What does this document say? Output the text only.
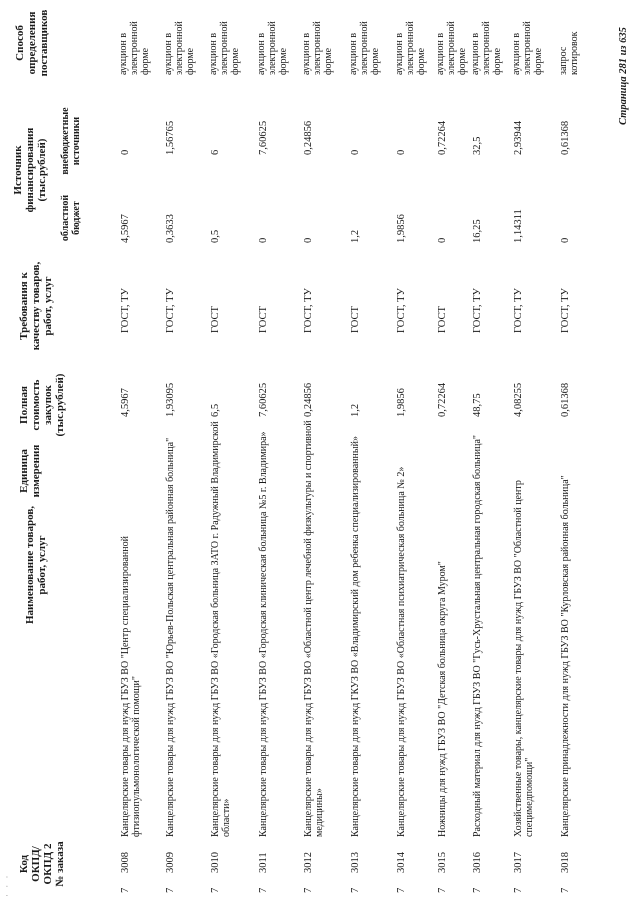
Код ОКПД/ ОКПД 2 № заказа
Наименование товаров, работ, услуг
Единица измерения
Полная стоимость закупок (тыс.рублей)
Требования к качеству товаров, работ, услуг
Источник финансирования (тыс.рублей)
областной бюджет
внебюджетные источники
Способ определения поставщиков
7
3008
Канцелярские товары для нужд ГБУЗ ВО "Центр специализированной фтизиопульмонологической помощи"
4,5967
ГОСТ, ТУ
4,5967
0
аукцион в электронной форме
7
3009
Канцелярские товары для нужд ГБУЗ ВО "Юрьев-Польская центральная районная больница"
1,93095
ГОСТ, ТУ
0,3633
1,56765
аукцион в электронной форме
7
3010
Канцелярские товары для нужд ГБУЗ ВО «Городская больница ЗАТО г. Радужный Владимирской области»
6,5
ГОСТ
0,5
6
аукцион в электронной форме
7
3011
Канцелярские товары для нужд ГБУЗ ВО «Городская клиническая больница №5 г. Владимира»
7,60625
ГОСТ
0
7,60625
аукцион в электронной форме
7
3012
Канцелярские товары для нужд ГБУЗ ВО «Областной центр лечебной физкультуры и спортивной медицины»
0,24856
ГОСТ, ТУ
0
0,24856
аукцион в электронной форме
7
3013
Канцелярские товары для нужд ГКУЗ ВО «Владимирский дом ребенка специализированный»
1,2
ГОСТ
1,2
0
аукцион в электронной форме
7
3014
Канцелярские товары для нужд ГБУЗ ВО «Областная психиатрическая больница № 2»
1,9856
ГОСТ, ТУ
1,9856
0
аукцион в электронной форме
7
3015
Ножницы для нужд ГБУЗ ВО "Детская больница округа Муром"
0,72264
ГОСТ
0
0,72264
аукцион в электронной форме
7
3016
Расходный материал для нужд ГБУЗ ВО "Гусь-Хрустальная центральная городская больница"
48,75
ГОСТ, ТУ
16,25
32,5
аукцион в электронной форме
7
3017
Хозяйственные товары, канцелярские товары для нужд ГБУЗ ВО "Областной центр специмедпомощи"
4,08255
ГОСТ, ТУ
1,14311
2,93944
аукцион в электронной форме
7
3018
Канцелярские принадлежности для нужд ГБУЗ ВО "Курловская районная больница"
0,61368
ГОСТ, ТУ
0
0,61368
запрос котировок	Страница 281 из 635
· · ·
